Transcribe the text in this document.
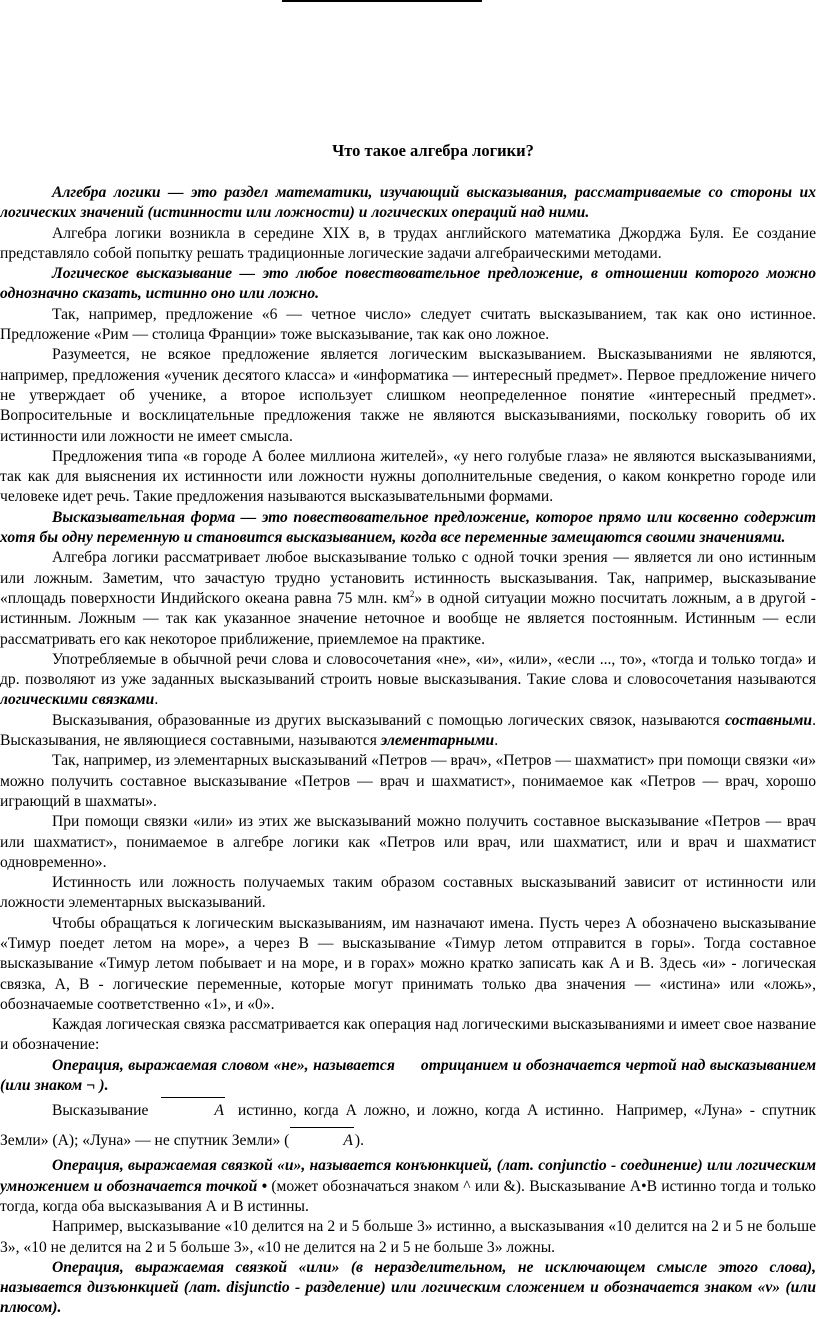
Что такое алгебра логики?

Алгебра логики — это раздел математики, изучающий высказывания, рассматриваемые со стороны их логических значений (истинности или ложности) и логических операций над ними.

Алгебра логики возникла в середине XIX в, в трудах английского математика Джорджа Буля. Ее создание представляло собой попытку решать традиционные логические задачи алгебраическими методами.

Логическое высказывание — это любое повествовательное предложение, в отношении которого можно однозначно сказать, истинно оно или ложно.

Так, например, предложение «6 — четное число» следует считать высказыванием, так как оно истинное. Предложение «Рим — столица Франции» тоже высказывание, так как оно ложное.

Разумеется, не всякое предложение является логическим высказыванием. Высказываниями не являются, например, предложения «ученик десятого класса» и «информатика — интересный предмет». Первое предложение ничего не утверждает об ученике, а второе использует слишком неопределенное понятие «интересный предмет». Вопросительные и восклицательные предложения также не являются высказываниями, поскольку говорить об их истинности или ложности не имеет смысла.

Предложения типа «в городе А более миллиона жителей», «у него голубые глаза» не являются высказываниями, так как для выяснения их истинности или ложности нужны дополнительные сведения, о каком конкретно городе или человеке идет речь. Такие предложения называются высказывательными формами.

Высказывательная форма — это повествовательное предложение, которое прямо или косвенно содержит хотя бы одну переменную и становится высказыванием, когда все переменные замещаются своими значениями.

Алгебра логики рассматривает любое высказывание только с одной точки зрения — является ли оно истинным или ложным. Заметим, что зачастую трудно установить истинность высказывания. Так, например, высказывание «площадь поверхности Индийского океана равна 75 млн. $км^2$» в одной ситуации можно посчитать ложным, а в другой - истинным. Ложным — так как указанное значение неточное и вообще не является постоянным. Истинным — если рассматривать его как некоторое приближение, приемлемое на практике.

Употребляемые в обычной речи слова и словосочетания «не», «и», «или», «если ..., то», «тогда и только тогда» и др. позволяют из уже заданных высказываний строить новые высказывания. Такие слова и словосочетания называются логическими связками.

Высказывания, образованные из других высказываний с помощью логических связок, называются составными. Высказывания, не являющиеся составными, называются элементарными.

Так, например, из элементарных высказываний «Петров — врач», «Петров — шахматист» при помощи связки «и» можно получить составное высказывание «Петров — врач и шахматист», понимаемое как «Петров — врач, хорошо играющий в шахматы».

При помощи связки «или» из этих же высказываний можно получить составное высказывание «Петров — врач или шахматист», понимаемое в алгебре логики как «Петров или врач, или шахматист, или и врач и шахматист одновременно».

Истинность или ложность получаемых таким образом составных высказываний зависит от истинности или ложности элементарных высказываний.

Чтобы обращаться к логическим высказываниям, им назначают имена. Пусть через А обозначено высказывание «Тимур поедет летом на море», а через В — высказывание «Тимур летом отправится в горы». Тогда составное высказывание «Тимур летом побывает и на море, и в горах» можно кратко записать как А и В. Здесь «и» - логическая связка, А, В - логические переменные, которые могут принимать только два значения — «истина» или «ложь», обозначаемые соответственно «1», и «0».

Каждая логическая связка рассматривается как операция над логическими высказываниями и имеет свое название и обозначение:

Операция, выражаемая словом «не», называется отрицанием и обозначается чертой над высказыванием (или знаком ¬ ).

Высказывание	A истинно, когда А ложно, и ложно, когда А истинно. Например, «Луна» - спутник Земли» (А); «Луна» — не спутник Земли» (	A ).

Операция, выражаемая связкой «и», называется конъюнкцией, (лат. conjunctio - соединение) или логическим умножением и обозначается точкой • (может обозначаться знаком ^ или &). Высказывание А•В истинно тогда и только тогда, когда оба высказывания А и В истинны.

Например, высказывание «10 делится на 2 и 5 больше 3» истинно, а высказывания «10 делится на 2 и 5 не больше 3», «10 не делится на 2 и 5 больше 3», «10 не делится на 2 и 5 не больше 3» ложны.

Операция, выражаемая связкой «или» (в неразделительном, не исключающем смысле этого слова), называется дизъюнкцией (лат. disjunctio - разделение) или логическим сложением и обозначается знаком «v» (или плюсом).
